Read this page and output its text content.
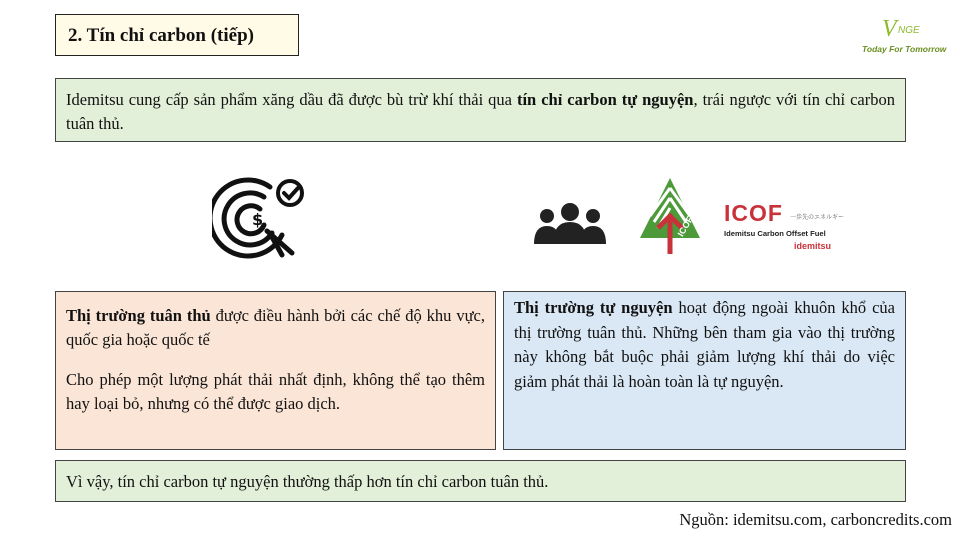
2. Tín chỉ carbon (tiếp)	V NGE
Today For Tomorrow

Idemitsu cung cấp sản phẩm xăng dầu đã được bù trừ khí thải qua tín chỉ carbon tự nguyện, trái ngược với tín chỉ carbon tuân thủ.

$	ICOF
ICOF 一歩先のエネルギー
Idemitsu Carbon Offset Fuel
idemitsu

Thị trường tuân thủ được điều hành bởi các chế độ khu vực, quốc gia hoặc quốc tế

Cho phép một lượng phát thải nhất định, không thể tạo thêm hay loại bỏ, nhưng có thể được giao dịch.

Thị trường tự nguyện hoạt động ngoài khuôn khổ của thị trường tuân thủ. Những bên tham gia vào thị trường này không bắt buộc phải giảm lượng khí thải do việc giảm phát thải là hoàn toàn là tự nguyện.

Vì vậy, tín chỉ carbon tự nguyện thường thấp hơn tín chỉ carbon tuân thủ.

Nguồn: idemitsu.com, carboncredits.com
